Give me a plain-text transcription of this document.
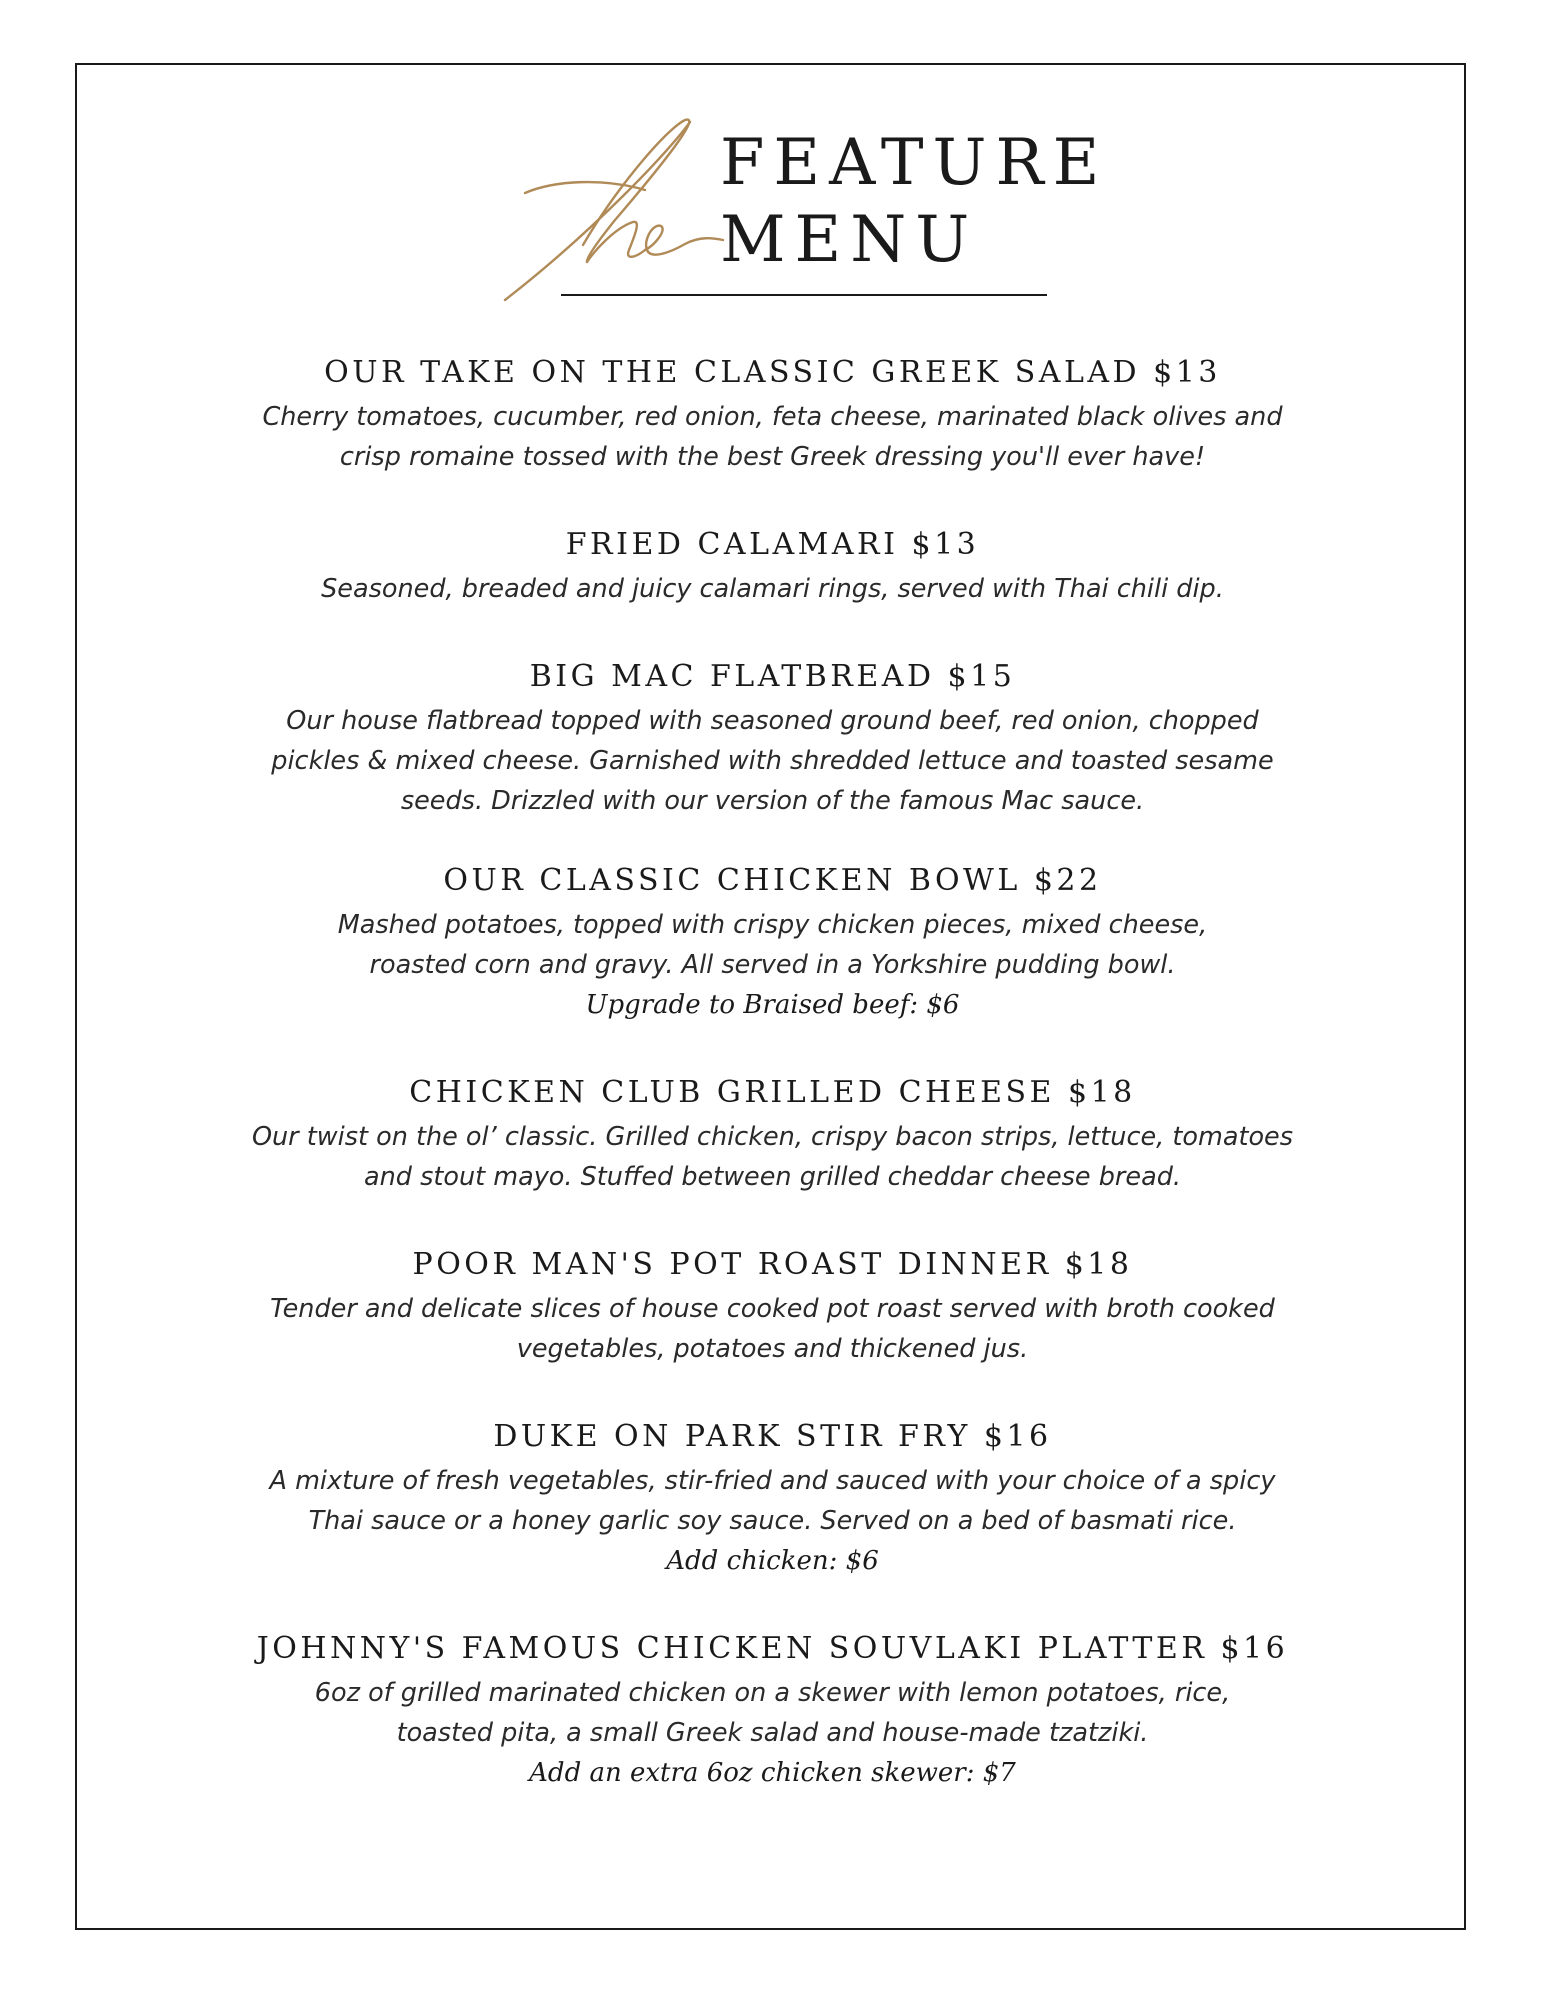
FEATURE
MENU
OUR TAKE ON THE CLASSIC GREEK SALAD $13
Cherry tomatoes, cucumber, red onion, feta cheese, marinated black olives and
crisp romaine tossed with the best Greek dressing you'll ever have!
FRIED CALAMARI $13
Seasoned, breaded and juicy calamari rings, served with Thai chili dip.
BIG MAC FLATBREAD $15
Our house flatbread topped with seasoned ground beef, red onion, chopped
pickles & mixed cheese. Garnished with shredded lettuce and toasted sesame
seeds. Drizzled with our version of the famous Mac sauce.
OUR CLASSIC CHICKEN BOWL $22
Mashed potatoes, topped with crispy chicken pieces, mixed cheese,
roasted corn and gravy. All served in a Yorkshire pudding bowl.
Upgrade to Braised beef: $6
CHICKEN CLUB GRILLED CHEESE $18
Our twist on the ol’ classic. Grilled chicken, crispy bacon strips, lettuce, tomatoes
and stout mayo. Stuffed between grilled cheddar cheese bread.
POOR MAN'S POT ROAST DINNER $18
Tender and delicate slices of house cooked pot roast served with broth cooked
vegetables, potatoes and thickened jus.
DUKE ON PARK STIR FRY $16
A mixture of fresh vegetables, stir-fried and sauced with your choice of a spicy
Thai sauce or a honey garlic soy sauce. Served on a bed of basmati rice.
Add chicken: $6
JOHNNY'S FAMOUS CHICKEN SOUVLAKI PLATTER $16
6oz of grilled marinated chicken on a skewer with lemon potatoes, rice,
toasted pita, a small Greek salad and house-made tzatziki.
Add an extra 6oz chicken skewer: $7
